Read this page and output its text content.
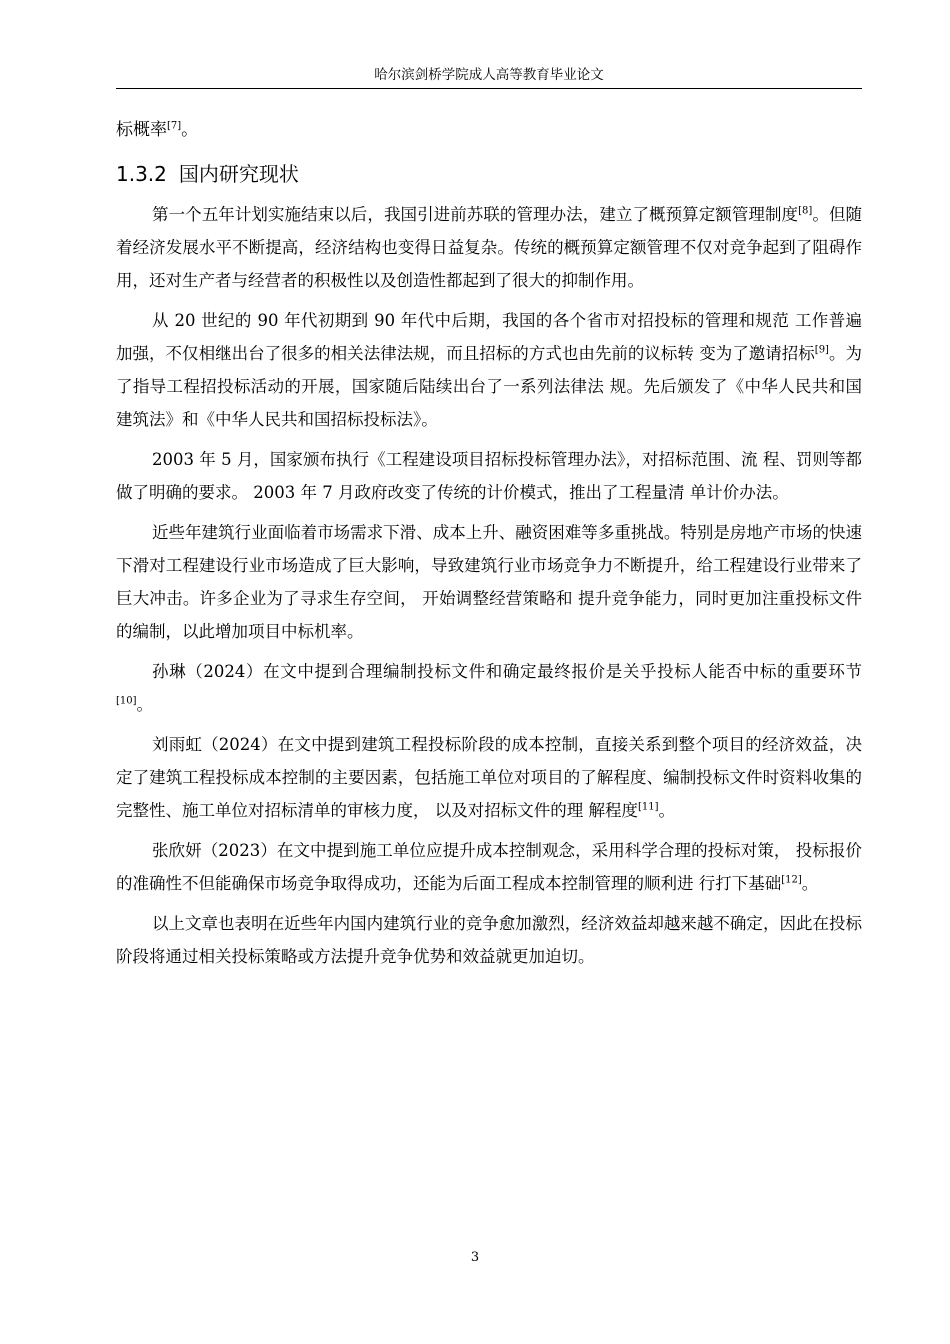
哈尔滨剑桥学院成人高等教育毕业论文

标概率[7]。

1.3.2 国内研究现状

第一个五年计划实施结束以后，我国引进前苏联的管理办法，建立了概预算定额管理制度[8]。但随着经济发展水平不断提高，经济结构也变得日益复杂。传统的概预算定额管理不仅对竞争起到了阻碍作用，还对生产者与经营者的积极性以及创造性都起到了很大的抑制作用。

从 20 世纪的 90 年代初期到 90 年代中后期，我国的各个省市对招投标的管理和规范 工作普遍加强，不仅相继出台了很多的相关法律法规，而且招标的方式也由先前的议标转 变为了邀请招标[9]。为了指导工程招投标活动的开展，国家随后陆续出台了一系列法律法 规。先后颁发了《中华人民共和国建筑法》和《中华人民共和国招标投标法》。

2003 年 5 月，国家颁布执行《工程建设项目招标投标管理办法》，对招标范围、流 程、罚则等都做了明确的要求。 2003 年 7 月政府改变了传统的计价模式，推出了工程量清 单计价办法。

近些年建筑行业面临着市场需求下滑、成本上升、融资困难等多重挑战。特别是房地产市场的快速下滑对工程建设行业市场造成了巨大影响，导致建筑行业市场竞争力不断提升，给工程建设行业带来了巨大冲击。许多企业为了寻求生存空间， 开始调整经营策略和 提升竞争能力，同时更加注重投标文件的编制，以此增加项目中标机率。

孙琳（2024）在文中提到合理编制投标文件和确定最终报价是关乎投标人能否中标的重要环节[10]。

刘雨虹（2024）在文中提到建筑工程投标阶段的成本控制，直接关系到整个项目的经济效益，决定了建筑工程投标成本控制的主要因素，包括施工单位对项目的了解程度、编制投标文件时资料收集的完整性、施工单位对招标清单的审核力度， 以及对招标文件的理 解程度[11]。

张欣妍（2023）在文中提到施工单位应提升成本控制观念，采用科学合理的投标对策， 投标报价的准确性不但能确保市场竞争取得成功，还能为后面工程成本控制管理的顺利进 行打下基础[12]。

以上文章也表明在近些年内国内建筑行业的竞争愈加激烈，经济效益却越来越不确定，因此在投标阶段将通过相关投标策略或方法提升竞争优势和效益就更加迫切。

3
